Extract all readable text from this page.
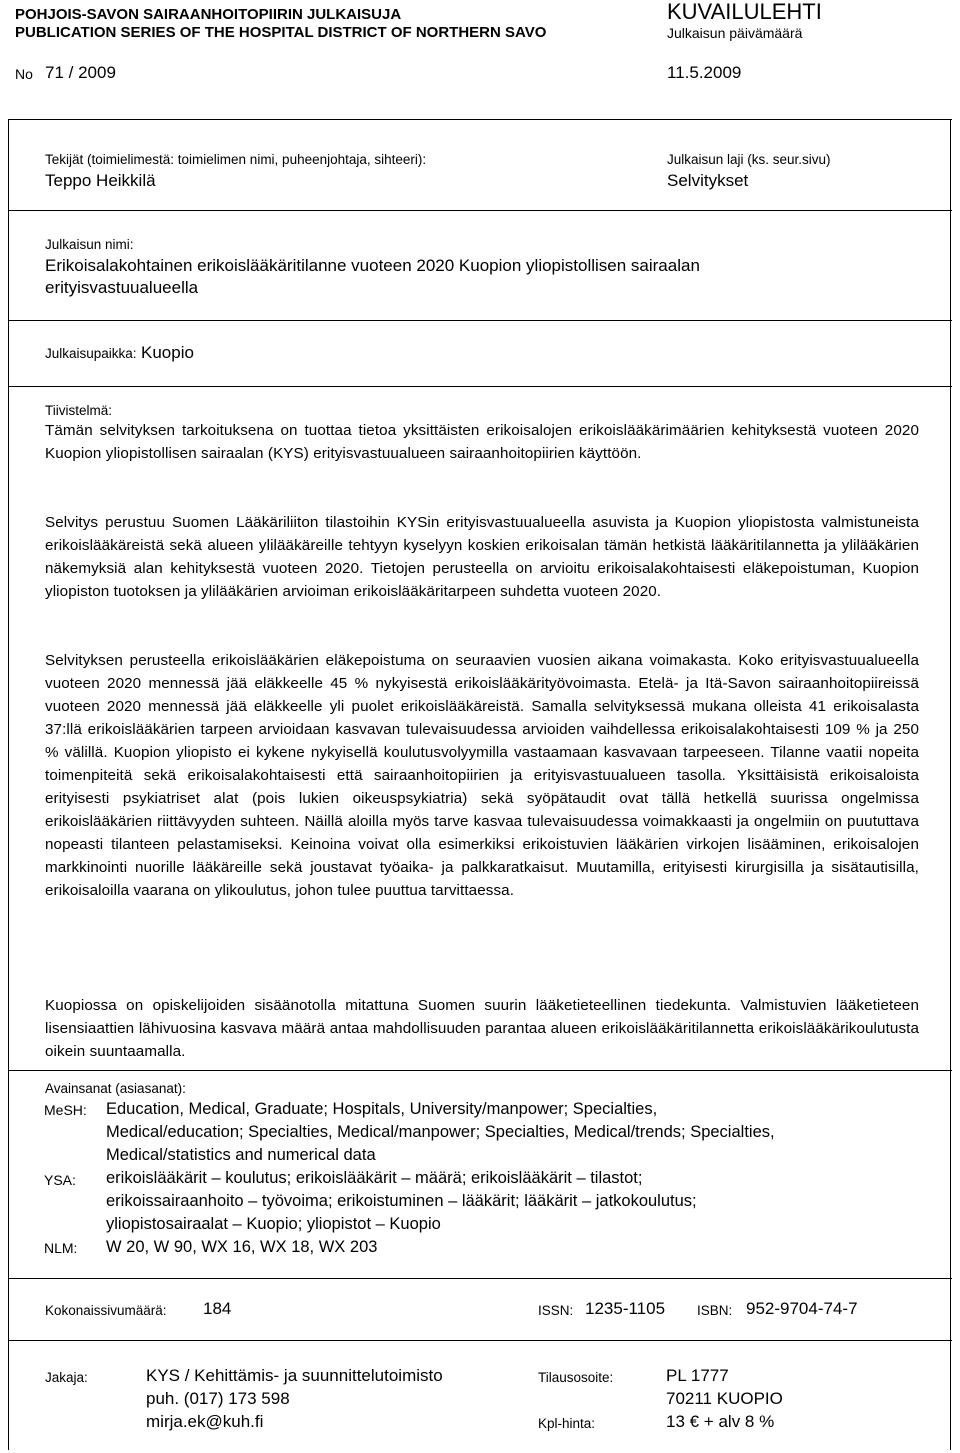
POHJOIS-SAVON SAIRAANHOITOPIIRIN JULKAISUJA
PUBLICATION SERIES OF THE HOSPITAL DISTRICT OF NORTHERN SAVO
KUVAILULEHTI
Julkaisun päivämäärä
No 71 / 2009	11.5.2009
Tekijät (toimielimestä: toimielimen nimi, puheenjohtaja, sihteeri):
Teppo Heikkilä
Julkaisun laji (ks. seur.sivu)
Selvitykset
Julkaisun nimi:
Erikoisalakohtainen erikoislääkäritilanne vuoteen 2020 Kuopion yliopistollisen sairaalan
erityisvastuualueella
Julkaisupaikka: Kuopio
Tiivistelmä:
Tämän selvityksen tarkoituksena on tuottaa tietoa yksittäisten erikoisalojen erikoislääkärimäärien kehityksestä vuoteen 2020 Kuopion yliopistollisen sairaalan (KYS) erityisvastuualueen sairaanhoitopiirien käyttöön.
Selvitys perustuu Suomen Lääkäriliiton tilastoihin KYSin erityisvastuualueella asuvista ja Kuopion yliopistosta valmistuneista erikoislääkäreistä sekä alueen ylilääkäreille tehtyyn kyselyyn koskien erikoisalan tämän hetkistä lääkäritilannetta ja ylilääkärien näkemyksiä alan kehityksestä vuoteen 2020. Tietojen perusteella on arvioitu erikoisalakohtaisesti eläkepoistuman, Kuopion yliopiston tuotoksen ja ylilääkärien arvioiman erikoislääkäritarpeen suhdetta vuoteen 2020.
Selvityksen perusteella erikoislääkärien eläkepoistuma on seuraavien vuosien aikana voimakasta. Koko erityisvastuualueella vuoteen 2020 mennessä jää eläkkeelle 45 % nykyisestä erikoislääkärityövoimasta. Etelä- ja Itä-Savon sairaanhoitopiireissä vuoteen 2020 mennessä jää eläkkeelle yli puolet erikoislääkäreistä. Samalla selvityksessä mukana olleista 41 erikoisalasta 37:llä erikoislääkärien tarpeen arvioidaan kasvavan tulevaisuudessa arvioiden vaihdellessa erikoisalakohtaisesti 109 % ja 250 % välillä. Kuopion yliopisto ei kykene nykyisellä koulutusvolyymilla vastaamaan kasvavaan tarpeeseen. Tilanne vaatii nopeita toimenpiteitä sekä erikoisalakohtaisesti että sairaanhoitopiirien ja erityisvastuualueen tasolla. Yksittäisistä erikoisaloista erityisesti psykiatriset alat (pois lukien oikeuspsykiatria) sekä syöpätaudit ovat tällä hetkellä suurissa ongelmissa erikoislääkärien riittävyyden suhteen. Näillä aloilla myös tarve kasvaa tulevaisuudessa voimakkaasti ja ongelmiin on puututtava nopeasti tilanteen pelastamiseksi. Keinoina voivat olla esimerkiksi erikoistuvien lääkärien virkojen lisääminen, erikoisalojen markkinointi nuorille lääkäreille sekä joustavat työaika- ja palkkaratkaisut. Muutamilla, erityisesti kirurgisilla ja sisätautisilla, erikoisaloilla vaarana on ylikoulutus, johon tulee puuttua tarvittaessa.
Kuopiossa on opiskelijoiden sisäänotolla mitattuna Suomen suurin lääketieteellinen tiedekunta. Valmistuvien lääketieteen lisensiaattien lähivuosina kasvava määrä antaa mahdollisuuden parantaa alueen erikoislääkäritilannetta erikoislääkärikoulutusta oikein suuntaamalla.
Avainsanat (asiasanat):
MeSH: Education, Medical, Graduate; Hospitals, University/manpower; Specialties,
Medical/education; Specialties, Medical/manpower; Specialties, Medical/trends; Specialties,
Medical/statistics and numerical data
YSA: erikoislääkärit – koulutus; erikoislääkärit – määrä; erikoislääkärit – tilastot;
erikoissairaanhoito – työvoima; erikoistuminen – lääkärit; lääkärit – jatkokoulutus;
yliopistosairaalat – Kuopio; yliopistot – Kuopio
NLM: W 20, W 90, WX 16, WX 18, WX 203
Kokonaissivumäärä: 184	ISSN: 1235-1105 ISBN: 952-9704-74-7
Jakaja:	KYS / Kehittämis- ja suunnittelutoimisto
puh. (017) 173 598
mirja.ek@kuh.fi
Tilausosoite:	PL 1777
70211 KUOPIO
Kpl-hinta:	13 € + alv 8 %
